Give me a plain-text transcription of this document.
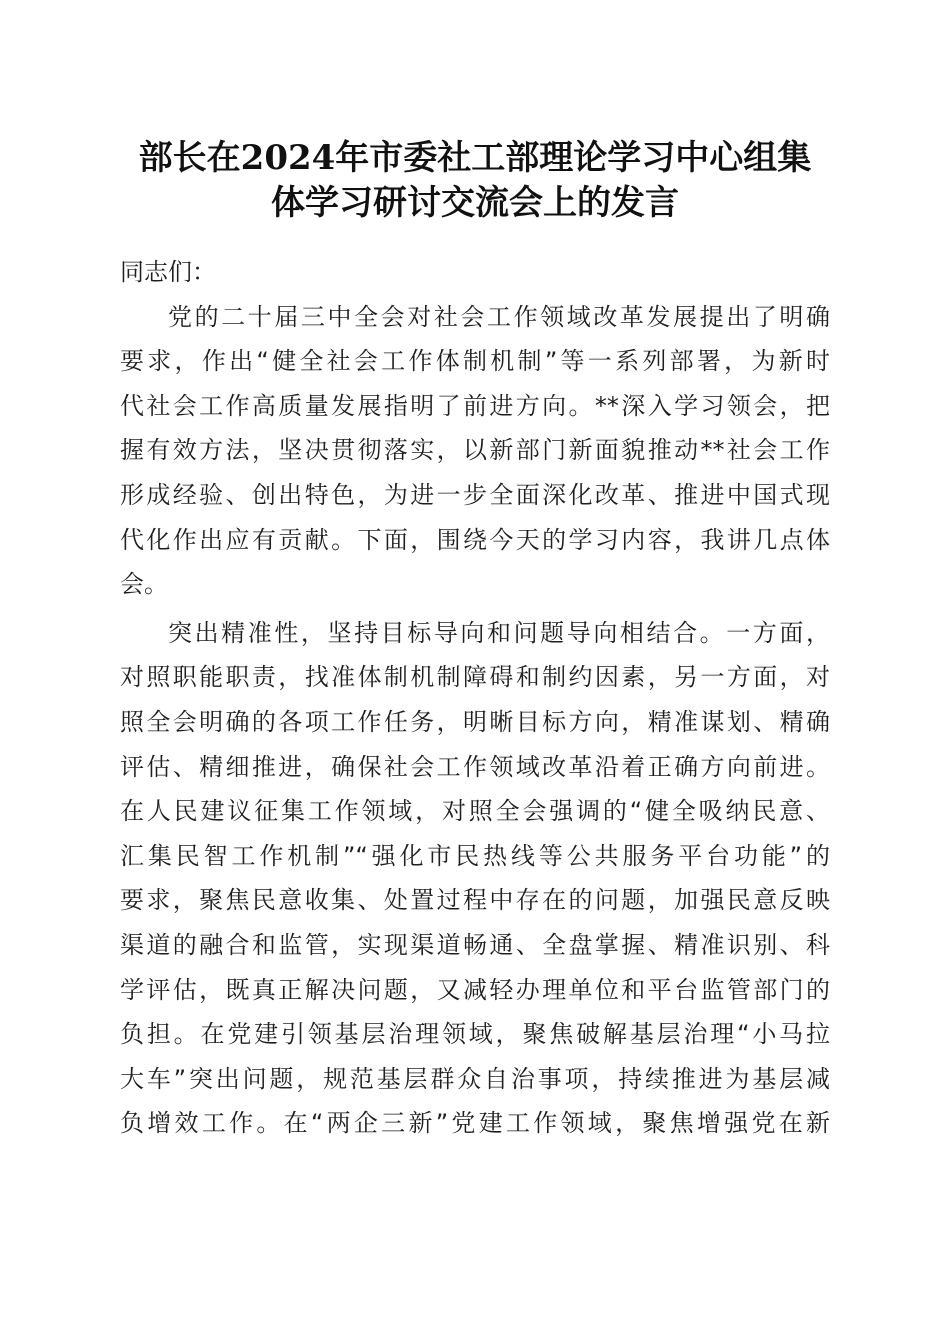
部长在2024年市委社工部理论学习中心组集
体学习研讨交流会上的发言
同志们：
党的二十届三中全会对社会工作领域改革发展提出了明确
要求，作出“健全社会工作体制机制”等一系列部署，为新时
代社会工作高质量发展指明了前进方向。**深入学习领会，把
握有效方法，坚决贯彻落实，以新部门新面貌推动**社会工作
形成经验、创出特色，为进一步全面深化改革、推进中国式现
代化作出应有贡献。下面，围绕今天的学习内容，我讲几点体
会。
突出精准性，坚持目标导向和问题导向相结合。一方面，
对照职能职责，找准体制机制障碍和制约因素，另一方面，对
照全会明确的各项工作任务，明晰目标方向，精准谋划、精确
评估、精细推进，确保社会工作领域改革沿着正确方向前进。
在人民建议征集工作领域，对照全会强调的“健全吸纳民意、
汇集民智工作机制”“强化市民热线等公共服务平台功能”的
要求，聚焦民意收集、处置过程中存在的问题，加强民意反映
渠道的融合和监管，实现渠道畅通、全盘掌握、精准识别、科
学评估，既真正解决问题，又减轻办理单位和平台监管部门的
负担。在党建引领基层治理领域，聚焦破解基层治理“小马拉
大车”突出问题，规范基层群众自治事项，持续推进为基层减
负增效工作。在“两企三新”党建工作领域，聚焦增强党在新
